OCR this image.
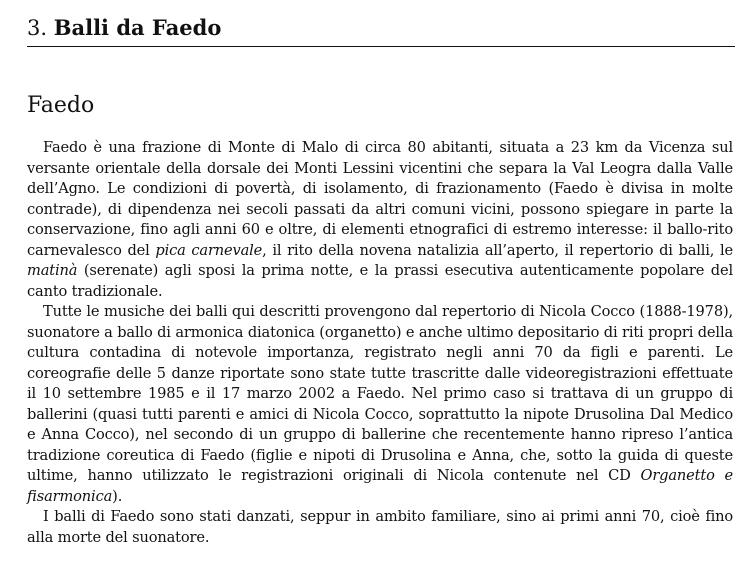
3. Balli da Faedo
Faedo

Faedo è una frazione di Monte di Malo di circa 80 abitanti, situata a 23 km da Vicenza sul versante orientale della dorsale dei Monti Lessini vicentini che separa la Val Leogra dalla Valle dell’Agno. Le condizioni di povertà, di isolamento, di frazionamento (Faedo è divisa in molte contrade), di dipendenza nei secoli passati da altri comuni vicini, possono spiegare in parte la conservazione, fino agli anni 60 e oltre, di elementi etnografici di estremo interesse: il ballo-rito carnevalesco del pica carnevale, il rito della novena natalizia all’aperto, il repertorio di balli, le matinà (serenate) agli sposi la prima notte, e la prassi esecutiva autenticamente popolare del canto tradizionale.

Tutte le musiche dei balli qui descritti provengono dal repertorio di Nicola Cocco (1888-1978), suonatore a ballo di armonica diatonica (organetto) e anche ultimo depositario di riti propri della cultura contadina di notevole importanza, registrato negli anni 70 da figli e parenti. Le coreografie delle 5 danze riportate sono state tutte trascritte dalle videoregistrazioni effettuate il 10 settembre 1985 e il 17 marzo 2002 a Faedo. Nel primo caso si trattava di un gruppo di ballerini (quasi tutti parenti e amici di Nicola Cocco, soprattutto la nipote Drusolina Dal Medico e Anna Cocco), nel secondo di un gruppo di ballerine che recentemente hanno ripreso l’antica tradizione coreutica di Faedo (figlie e nipoti di Drusolina e Anna, che, sotto la guida di queste ultime, hanno utilizzato le registrazioni originali di Nicola contenute nel CD Organetto e fisarmonica).

I balli di Faedo sono stati danzati, seppur in ambito familiare, sino ai primi anni 70, cioè fino alla morte del suonatore.
